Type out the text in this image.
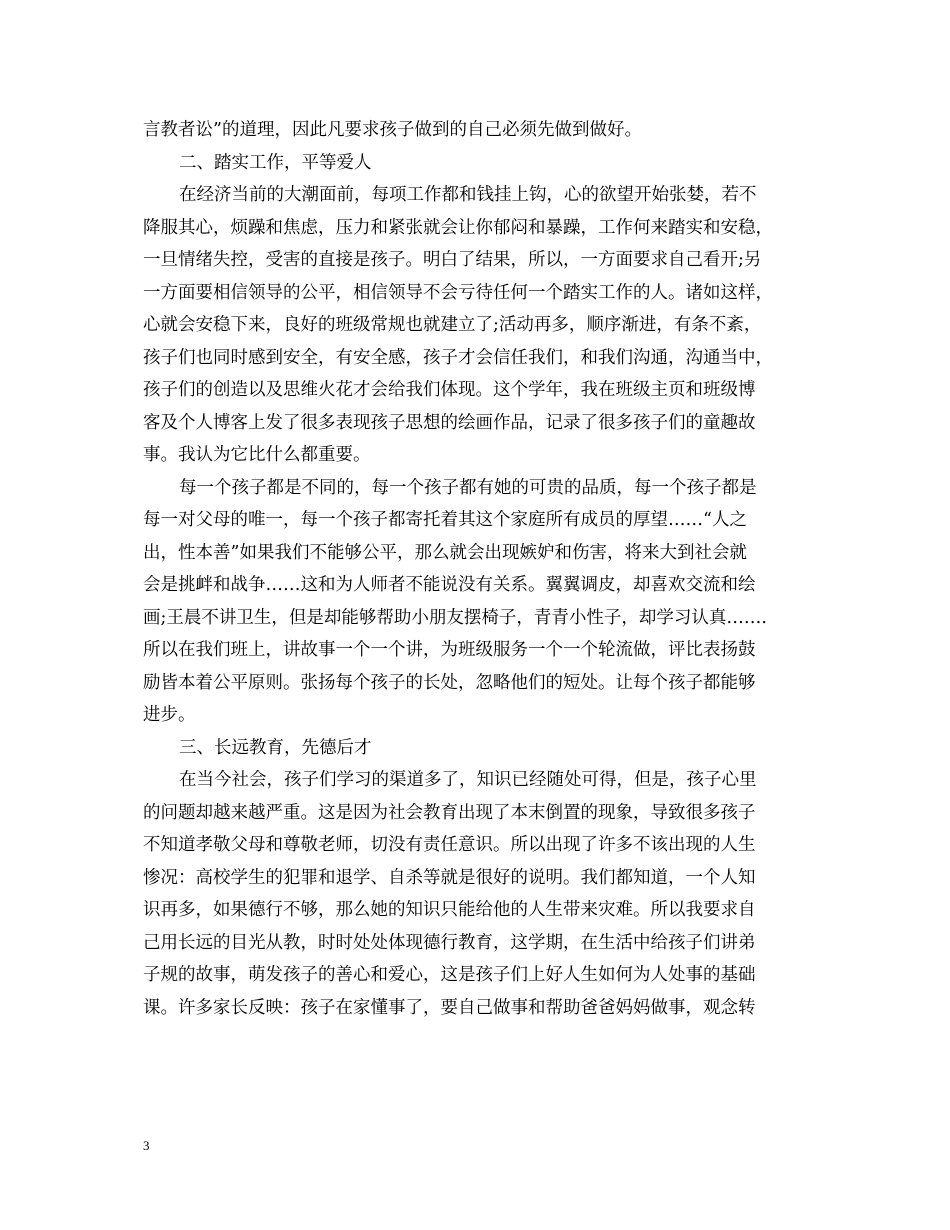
言教者讼”的道理，因此凡要求孩子做到的自己必须先做到做好。
二、踏实工作，平等爱人
在经济当前的大潮面前，每项工作都和钱挂上钩，心的欲望开始张婪，若不
降服其心，烦躁和焦虑，压力和紧张就会让你郁闷和暴躁，工作何来踏实和安稳，
一旦情绪失控，受害的直接是孩子。明白了结果，所以，一方面要求自己看开;另
一方面要相信领导的公平，相信领导不会亏待任何一个踏实工作的人。诸如这样，
心就会安稳下来，良好的班级常规也就建立了;活动再多，顺序渐进，有条不紊，
孩子们也同时感到安全，有安全感，孩子才会信任我们，和我们沟通，沟通当中，
孩子们的创造以及思维火花才会给我们体现。这个学年，我在班级主页和班级博
客及个人博客上发了很多表现孩子思想的绘画作品，记录了很多孩子们的童趣故
事。我认为它比什么都重要。
每一个孩子都是不同的，每一个孩子都有她的可贵的品质，每一个孩子都是
每一对父母的唯一，每一个孩子都寄托着其这个家庭所有成员的厚望……“人之
出，性本善”如果我们不能够公平，那么就会出现嫉妒和伤害，将来大到社会就
会是挑衅和战争……这和为人师者不能说没有关系。翼翼调皮，却喜欢交流和绘
画;王晨不讲卫生，但是却能够帮助小朋友摆椅子，青青小性子，却学习认真…….
所以在我们班上，讲故事一个一个讲，为班级服务一个一个轮流做，评比表扬鼓
励皆本着公平原则。张扬每个孩子的长处，忽略他们的短处。让每个孩子都能够
进步。
三、长远教育，先德后才
在当今社会，孩子们学习的渠道多了，知识已经随处可得，但是，孩子心里
的问题却越来越严重。这是因为社会教育出现了本末倒置的现象，导致很多孩子
不知道孝敬父母和尊敬老师，切没有责任意识。所以出现了许多不该出现的人生
惨况：高校学生的犯罪和退学、自杀等就是很好的说明。我们都知道，一个人知
识再多，如果德行不够，那么她的知识只能给他的人生带来灾难。所以我要求自
己用长远的目光从教，时时处处体现德行教育，这学期，在生活中给孩子们讲弟
子规的故事，萌发孩子的善心和爱心，这是孩子们上好人生如何为人处事的基础
课。许多家长反映：孩子在家懂事了，要自己做事和帮助爸爸妈妈做事，观念转
3
